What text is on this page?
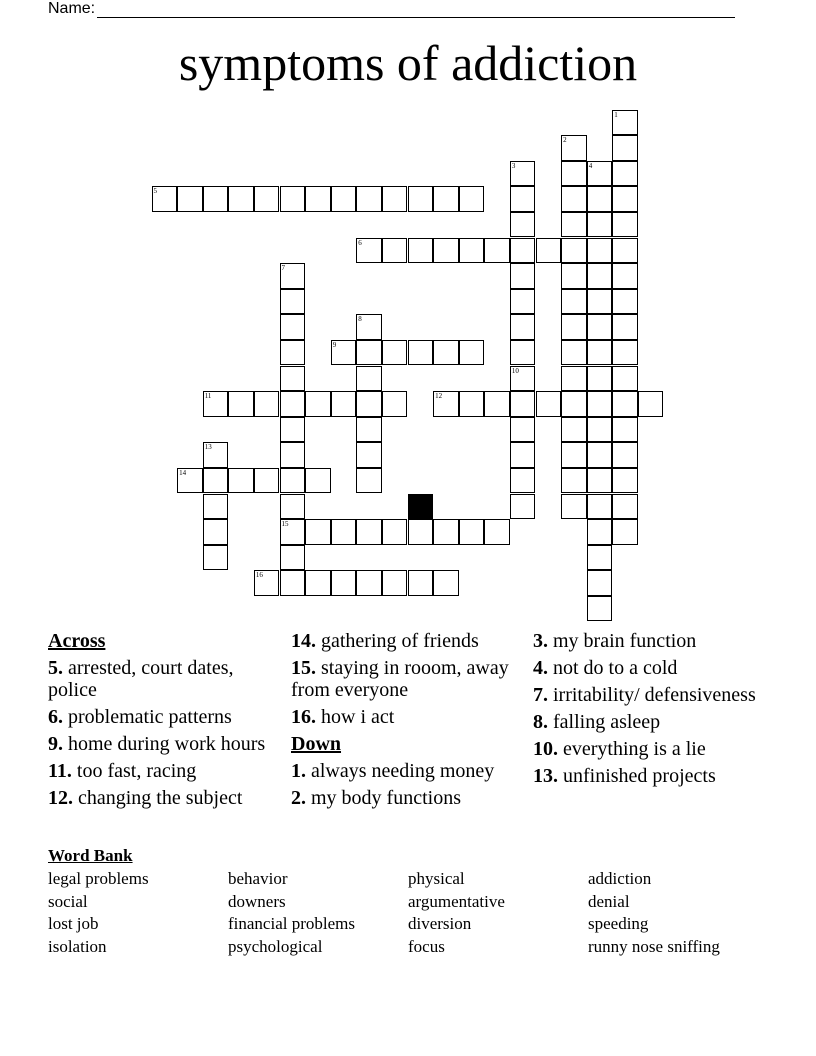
Name:
symptoms of addiction
1
2
3
10
4
5
6
7
15
8
9
11	12
13
14
16
Across
5. arrested, court dates, police
6. problematic patterns
9. home during work hours
11. too fast, racing
12. changing the subject
14. gathering of friends
15. staying in rooom, away from everyone
16. how i act
Down
1. always needing money
2. my body functions
3. my brain function
4. not do to a cold
7. irritability/ defensiveness
8. falling asleep
10. everything is a lie
13. unfinished projects
Word Bank
legal problems
social
lost job
isolation
behavior
downers
financial problems
psychological
physical
argumentative
diversion
focus
addiction
denial
speeding
runny nose sniffing
